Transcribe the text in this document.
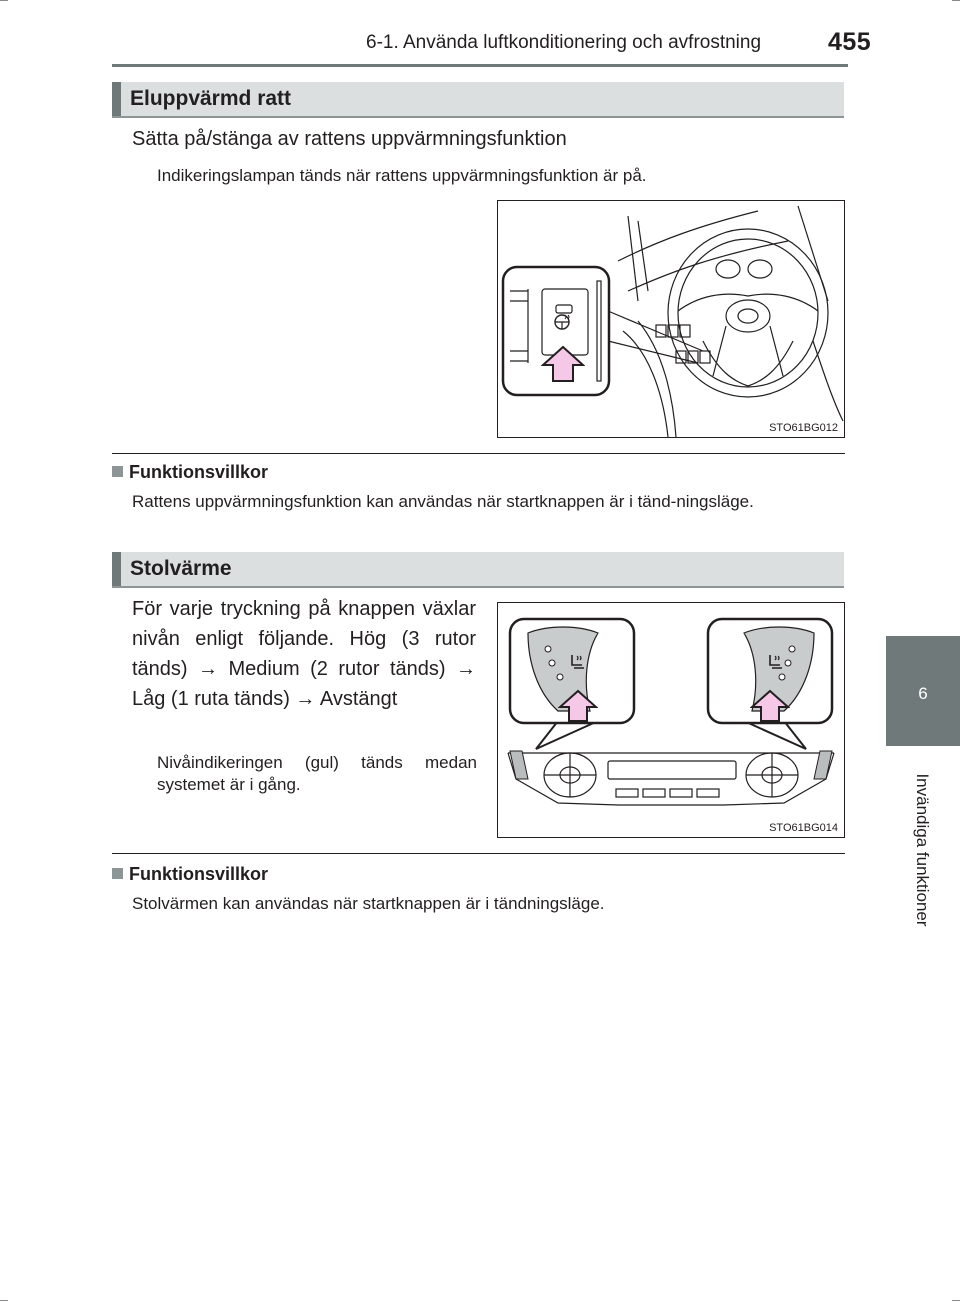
6-1. Använda luftkonditionering och avfrostning	455
6
Invändiga funktioner
Eluppvärmd ratt
Sätta på/stänga av rattens uppvärmningsfunktion
Indikeringslampan tänds när rattens uppvärmningsfunktion är på.
STO61BG012
Funktionsvillkor
Rattens uppvärmningsfunktion kan användas när startknappen är i tänd-ningsläge.
Stolvärme
För varje tryckning på knappen växlar nivån enligt följande. Hög (3 rutor tänds) → Medium (2 rutor tänds) → Låg (1 ruta tänds) → Avstängt
Nivåindikeringen (gul) tänds medan systemet är i gång.
STO61BG014
Funktionsvillkor
Stolvärmen kan användas när startknappen är i tändningsläge.
